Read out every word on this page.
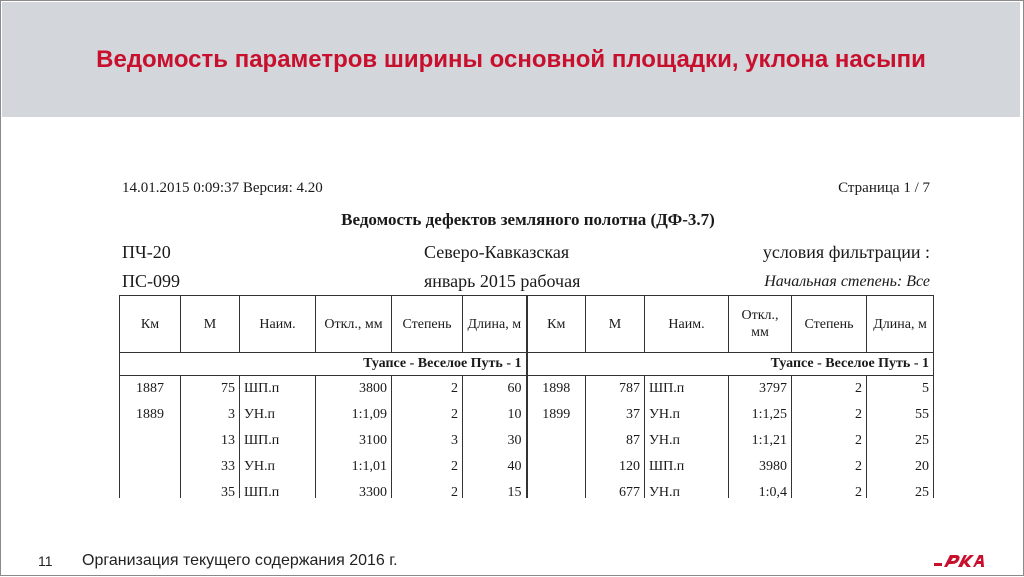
Ведомость параметров ширины основной площадки, уклона насыпи
14.01.2015 0:09:37 Версия: 4.20	Страница 1 / 7
Ведомость дефектов земляного полотна (ДФ-3.7)
ПЧ-20	Северо-Кавказская	условия фильтрации :
ПС-099	январь 2015 рабочая	Начальная степень: Все
Км	М	Наим.	Откл., мм	Степень	Длина, м	Км	М	Наим.	Откл., мм	Степень	Длина, м
Туапсе - Веселое Путь - 1						Туапсе - Веселое Путь - 1					
1887	75	ШП.п	3800	2	60	1898	787	ШП.п	3797	2	5
1889	3	УН.п	1:1,09	2	10	1899	37	УН.п	1:1,25	2	55
	13	ШП.п	3100	3	30		87	УН.п	1:1,21	2	25
	33	УН.п	1:1,01	2	40		120	ШП.п	3980	2	20
	35	ШП.п	3300	2	15		677	УН.п	1:0,4	2	25
11 Организация текущего содержания 2016 г.
